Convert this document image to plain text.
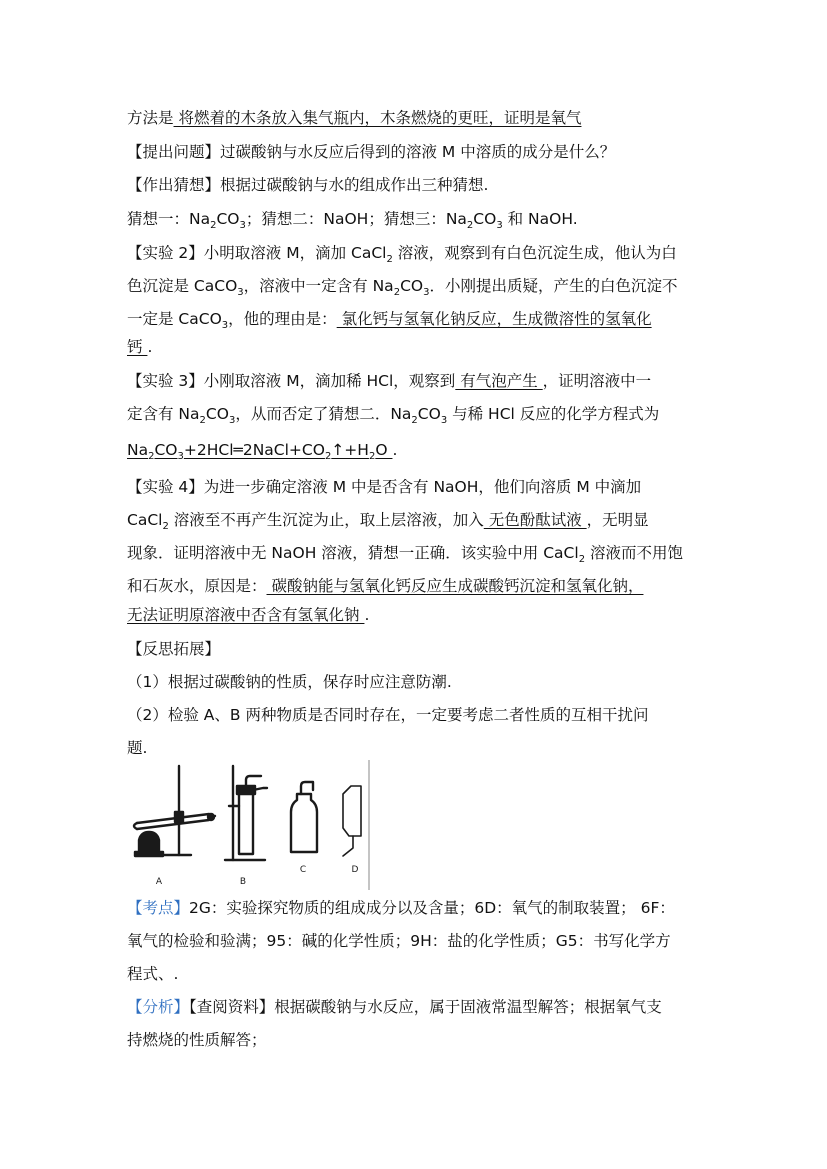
方法是 将燃着的木条放入集气瓶内，木条燃烧的更旺，证明是氧气
【提出问题】过碳酸钠与水反应后得到的溶液 M 中溶质的成分是什么？
【作出猜想】根据过碳酸钠与水的组成作出三种猜想.
猜想一：$Na_2CO_3$；猜想二：NaOH；猜想三：$Na_2CO_3$ 和 NaOH.
【实验 2】小明取溶液 M，滴加 CaCl$_2$ 溶液，观察到有白色沉淀生成，他认为白
色沉淀是 CaCO$_3$，溶液中一定含有 $Na_2CO_3$．小刚提出质疑，产生的白色沉淀不
一定是 CaCO$_3$，他的理由是： 氯化钙与氢氧化钠反应，生成微溶性的氢氧化
钙 .
【实验 3】小刚取溶液 M，滴加稀 HCl，观察到 有气泡产生 ，证明溶液中一
定含有 $Na_2CO_3$，从而否定了猜想二．$Na_2CO_3$ 与稀 HCl 反应的化学方程式为
$Na_2CO_3+2HCl═2NaCl+CO_2↑+H_2O$ .
【实验 4】为进一步确定溶液 M 中是否含有 NaOH，他们向溶质 M 中滴加
CaCl$_2$ 溶液至不再产生沉淀为止，取上层溶液，加入 无色酚酞试液 ，无明显
现象．证明溶液中无 NaOH 溶液，猜想一正确．该实验中用 CaCl$_2$ 溶液而不用饱
和石灰水，原因是： 碳酸钠能与氢氧化钙反应生成碳酸钙沉淀和氢氧化钠，
无法证明原溶液中否含有氢氧化钠 .
【反思拓展】
（1）根据过碳酸钠的性质，保存时应注意防潮.
（2）检验 A、B 两种物质是否同时存在，一定要考虑二者性质的互相干扰问
题.
A	B
C	D
【考点】2G：实验探究物质的组成成分以及含量；6D：氧气的制取装置； 6F：
氧气的检验和验满；95：碱的化学性质；9H：盐的化学性质；G5：书写化学方
程式、.
【分析】【查阅资料】根据碳酸钠与水反应，属于固液常温型解答；根据氧气支
持燃烧的性质解答；
